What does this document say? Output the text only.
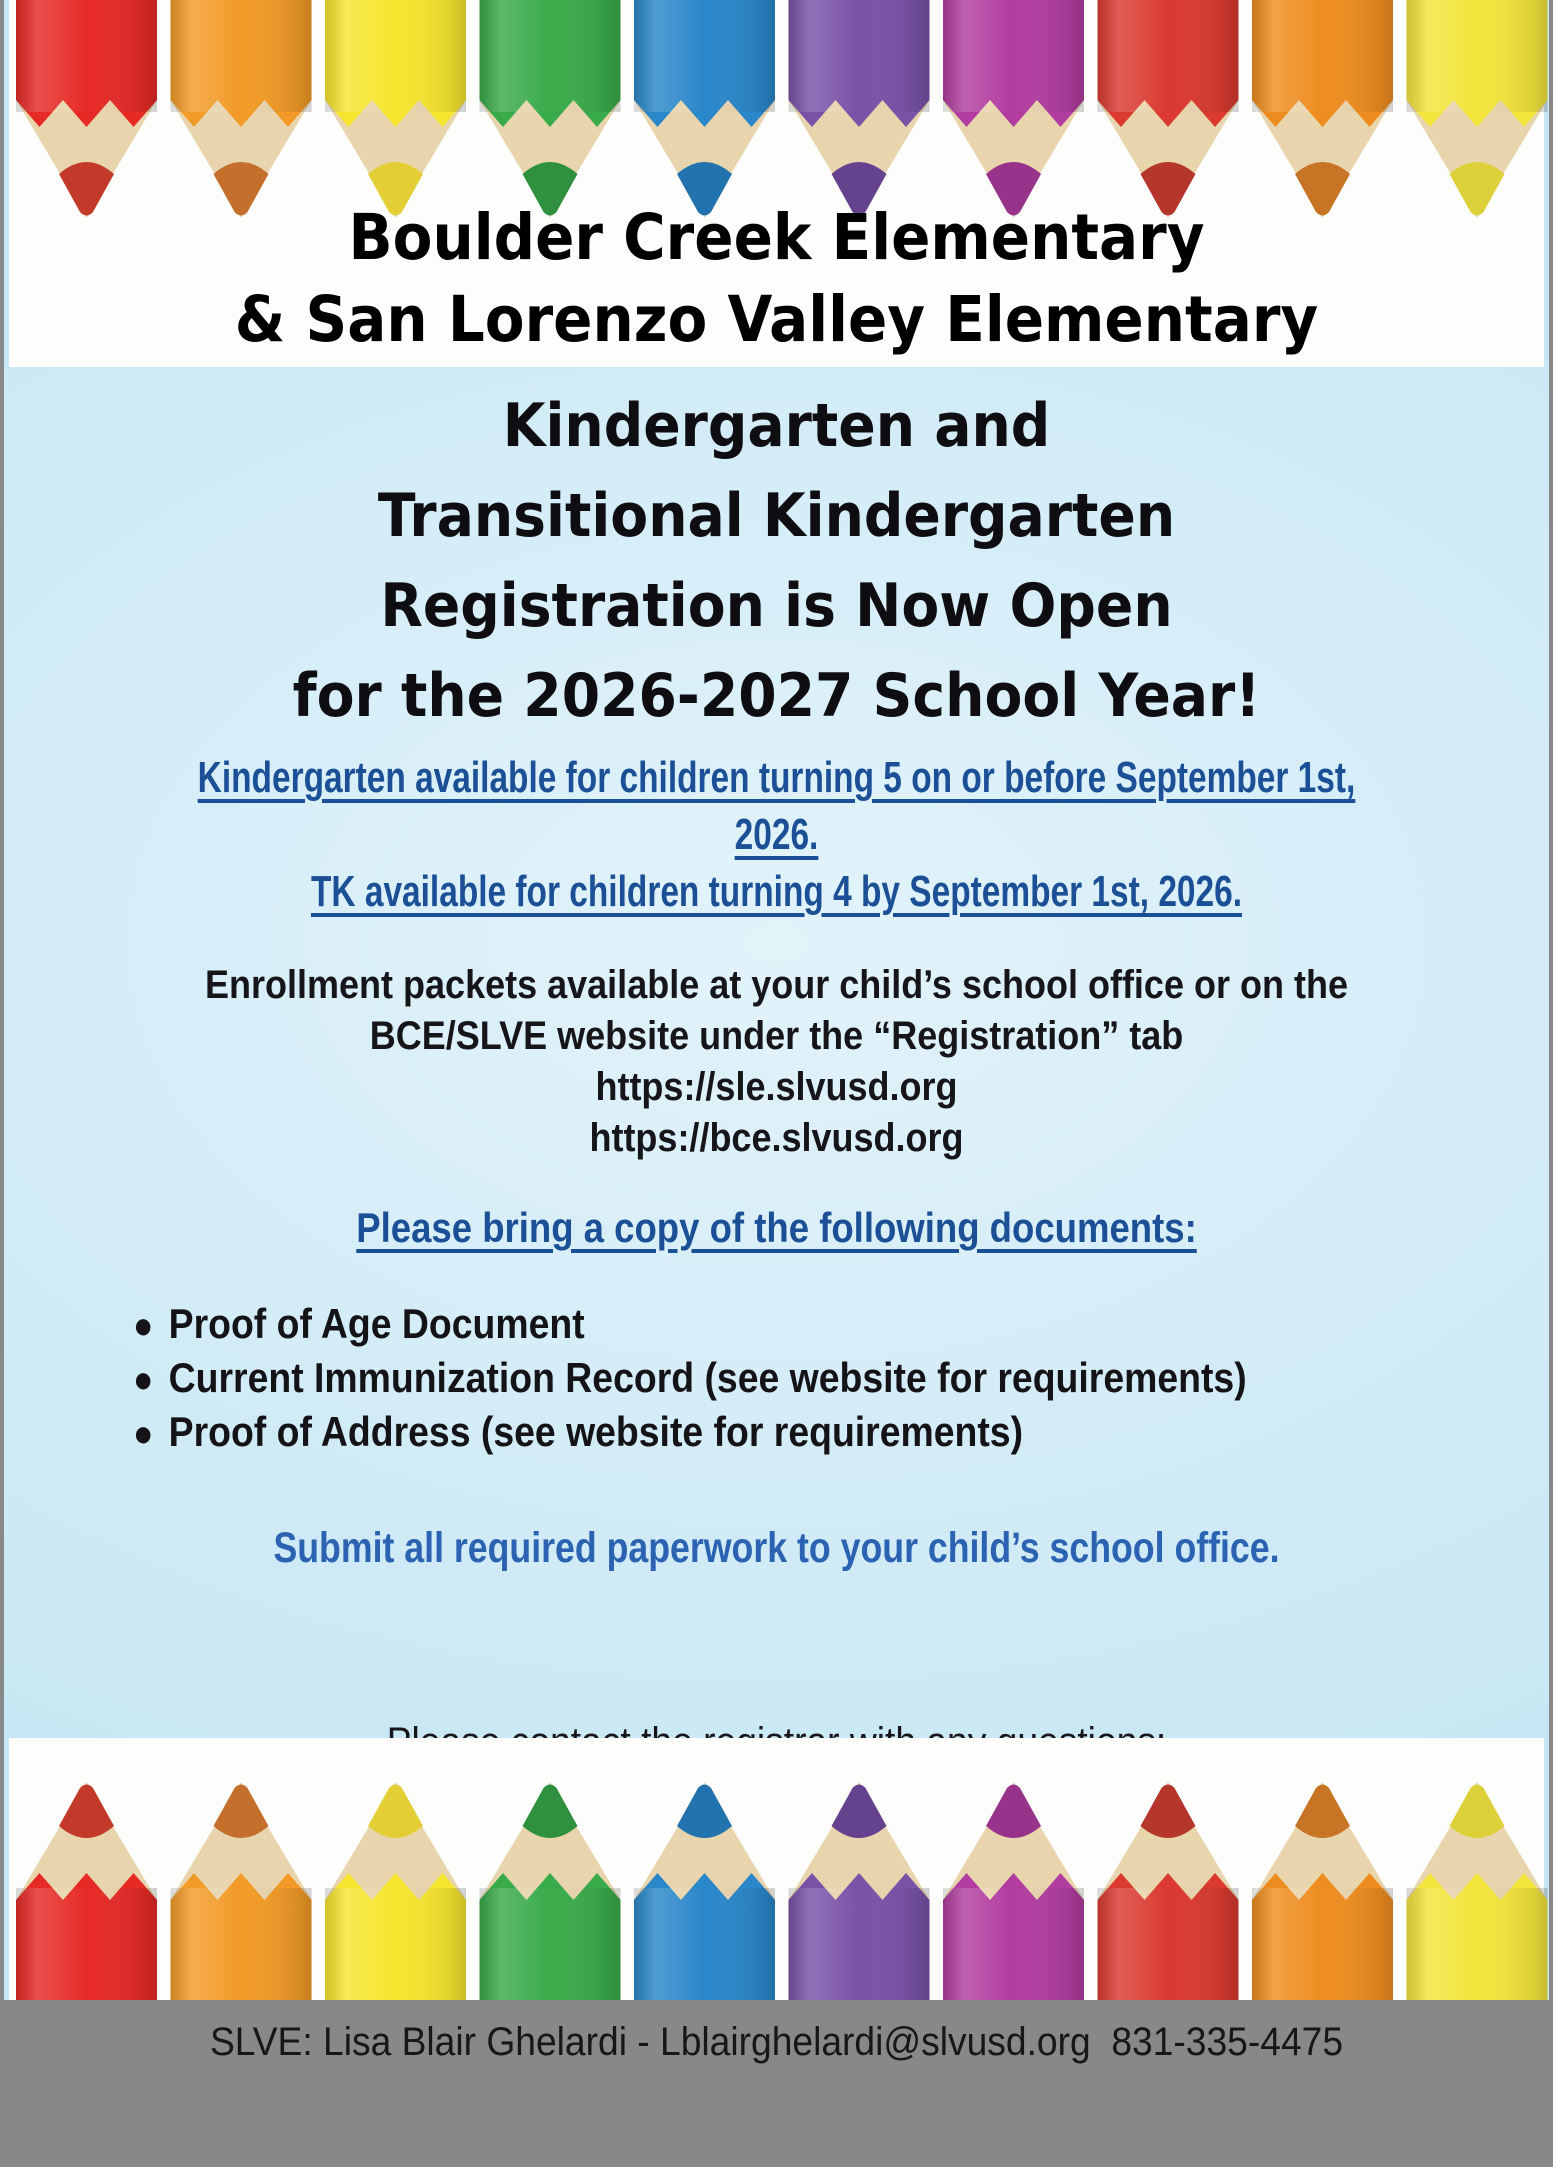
Boulder Creek Elementary
& San Lorenzo Valley Elementary
Kindergarten and
Transitional Kindergarten
Registration is Now Open
for the 2026-2027 School Year!
Kindergarten available for children turning 5 on or before September 1st, 2026.
TK available for children turning 4 by September 1st, 2026.
Enrollment packets available at your child’s school office or on the
BCE/SLVE website under the “Registration” tab
https://sle.slvusd.org
https://bce.slvusd.org
Please bring a copy of the following documents:
● Proof of Age Document
● Current Immunization Record (see website for requirements)
● Proof of Address (see website for requirements)
Submit all required paperwork to your child’s school office.

SLVE: Lisa Blair Ghelardi - Lblairghelardi@slvusd.org  831-335-4475
